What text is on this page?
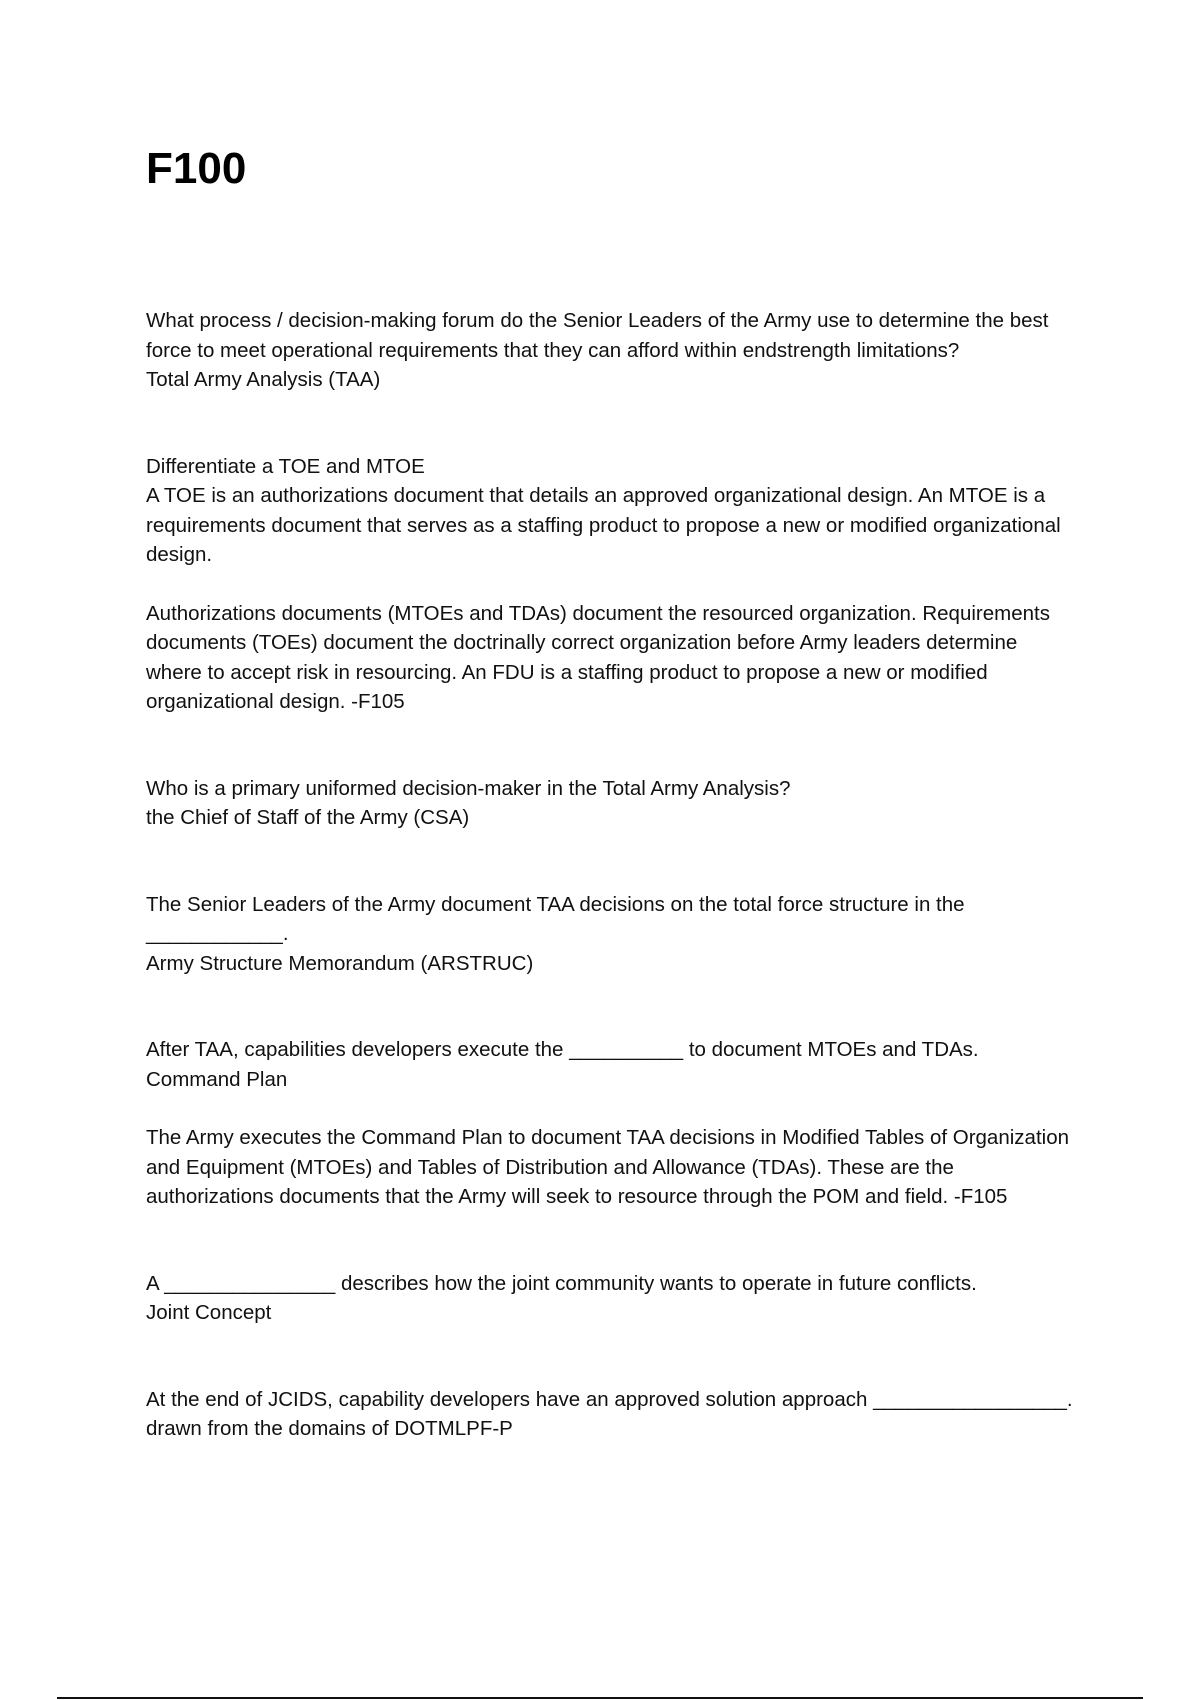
F100

What process / decision-making forum do the Senior Leaders of the Army use to determine the best force to meet operational requirements that they can afford within endstrength limitations?

Total Army Analysis (TAA)

Differentiate a TOE and MTOE

A TOE is an authorizations document that details an approved organizational design. An MTOE is a requirements document that serves as a staffing product to propose a new or modified organizational design.

Authorizations documents (MTOEs and TDAs) document the resourced organization. Requirements documents (TOEs) document the doctrinally correct organization before Army leaders determine where to accept risk in resourcing. An FDU is a staffing product to propose a new or modified organizational design. -F105

Who is a primary uniformed decision-maker in the Total Army Analysis?

the Chief of Staff of the Army (CSA)

The Senior Leaders of the Army document TAA decisions on the total force structure in the ____________.

Army Structure Memorandum (ARSTRUC)

After TAA, capabilities developers execute the __________ to document MTOEs and TDAs.

Command Plan

The Army executes the Command Plan to document TAA decisions in Modified Tables of Organization and Equipment (MTOEs) and Tables of Distribution and Allowance (TDAs). These are the authorizations documents that the Army will seek to resource through the POM and field. -F105

A _______________ describes how the joint community wants to operate in future conflicts.

Joint Concept

At the end of JCIDS, capability developers have an approved solution approach _________________.

drawn from the domains of DOTMLPF-P
